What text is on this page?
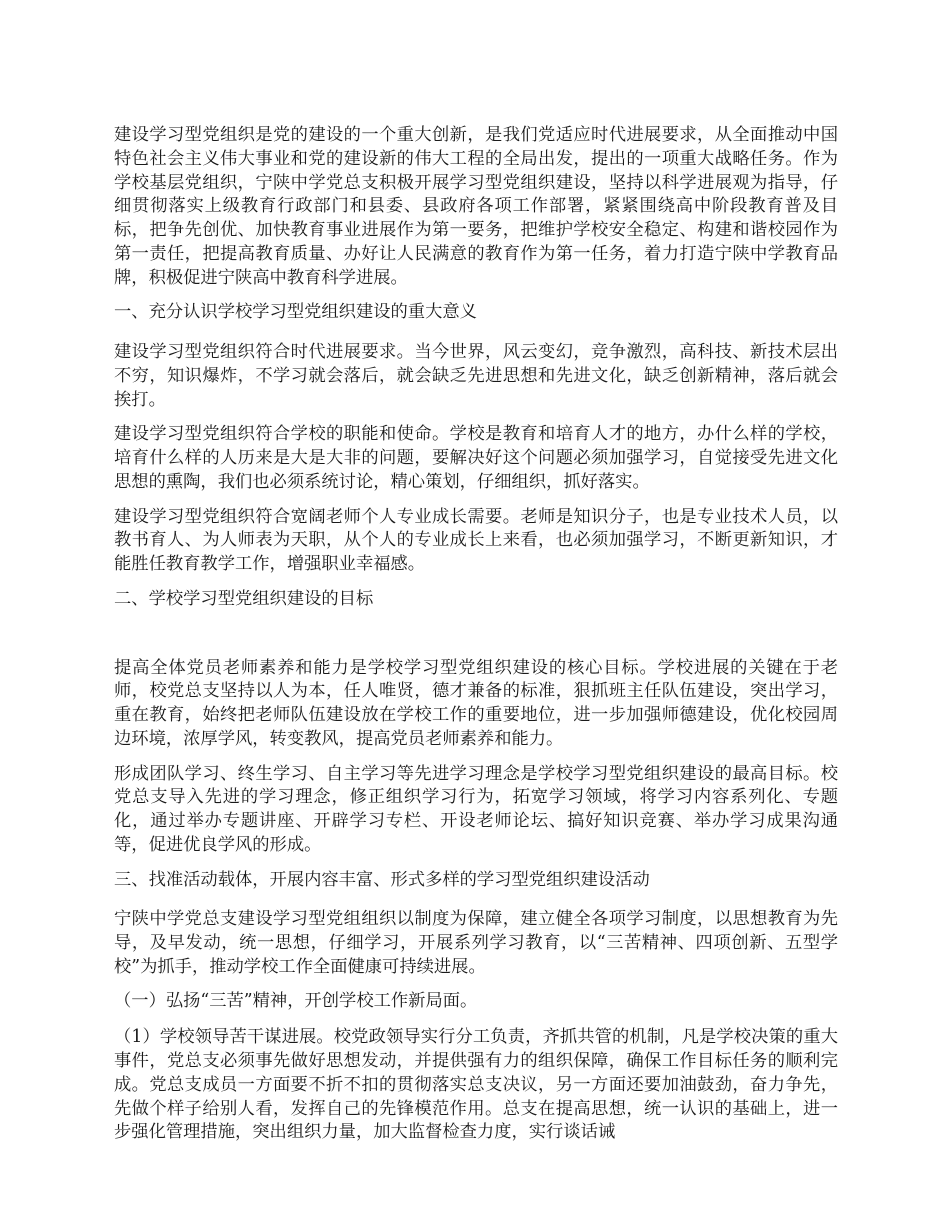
建设学习型党组织是党的建设的一个重大创新，是我们党适应时代进展要求，从全面推动中国特色社会主义伟大事业和党的建设新的伟大工程的全局出发，提出的一项重大战略任务。作为学校基层党组织，宁陕中学党总支积极开展学习型党组织建设，坚持以科学进展观为指导，仔细贯彻落实上级教育行政部门和县委、县政府各项工作部署，紧紧围绕高中阶段教育普及目标，把争先创优、加快教育事业进展作为第一要务，把维护学校安全稳定、构建和谐校园作为第一责任，把提高教育质量、办好让人民满意的教育作为第一任务，着力打造宁陕中学教育品牌，积极促进宁陕高中教育科学进展。

一、充分认识学校学习型党组织建设的重大意义

建设学习型党组织符合时代进展要求。当今世界，风云变幻，竞争激烈，高科技、新技术层出不穷，知识爆炸，不学习就会落后，就会缺乏先进思想和先进文化，缺乏创新精神，落后就会挨打。

建设学习型党组织符合学校的职能和使命。学校是教育和培育人才的地方，办什么样的学校，培育什么样的人历来是大是大非的问题，要解决好这个问题必须加强学习，自觉接受先进文化思想的熏陶，我们也必须系统讨论，精心策划，仔细组织，抓好落实。

建设学习型党组织符合宽阔老师个人专业成长需要。老师是知识分子，也是专业技术人员，以教书育人、为人师表为天职，从个人的专业成长上来看，也必须加强学习，不断更新知识，才能胜任教育教学工作，增强职业幸福感。

二、学校学习型党组织建设的目标

提高全体党员老师素养和能力是学校学习型党组织建设的核心目标。学校进展的关键在于老师，校党总支坚持以人为本，任人唯贤，德才兼备的标准，狠抓班主任队伍建设，突出学习，重在教育，始终把老师队伍建设放在学校工作的重要地位，进一步加强师德建设，优化校园周边环境，浓厚学风，转变教风，提高党员老师素养和能力。

形成团队学习、终生学习、自主学习等先进学习理念是学校学习型党组织建设的最高目标。校党总支导入先进的学习理念，修正组织学习行为，拓宽学习领域，将学习内容系列化、专题化，通过举办专题讲座、开辟学习专栏、开设老师论坛、搞好知识竞赛、举办学习成果沟通等，促进优良学风的形成。

三、找准活动载体，开展内容丰富、形式多样的学习型党组织建设活动

宁陕中学党总支建设学习型党组组织以制度为保障，建立健全各项学习制度，以思想教育为先导，及早发动，统一思想，仔细学习，开展系列学习教育，以“三苦精神、四项创新、五型学校”为抓手，推动学校工作全面健康可持续进展。

（一）弘扬“三苦”精神，开创学校工作新局面。

（1）学校领导苦干谋进展。校党政领导实行分工负责，齐抓共管的机制，凡是学校决策的重大事件，党总支必须事先做好思想发动，并提供强有力的组织保障，确保工作目标任务的顺利完成。党总支成员一方面要不折不扣的贯彻落实总支决议，另一方面还要加油鼓劲，奋力争先，先做个样子给别人看，发挥自己的先锋模范作用。总支在提高思想，统一认识的基础上，进一步强化管理措施，突出组织力量，加大监督检查力度，实行谈话诫
